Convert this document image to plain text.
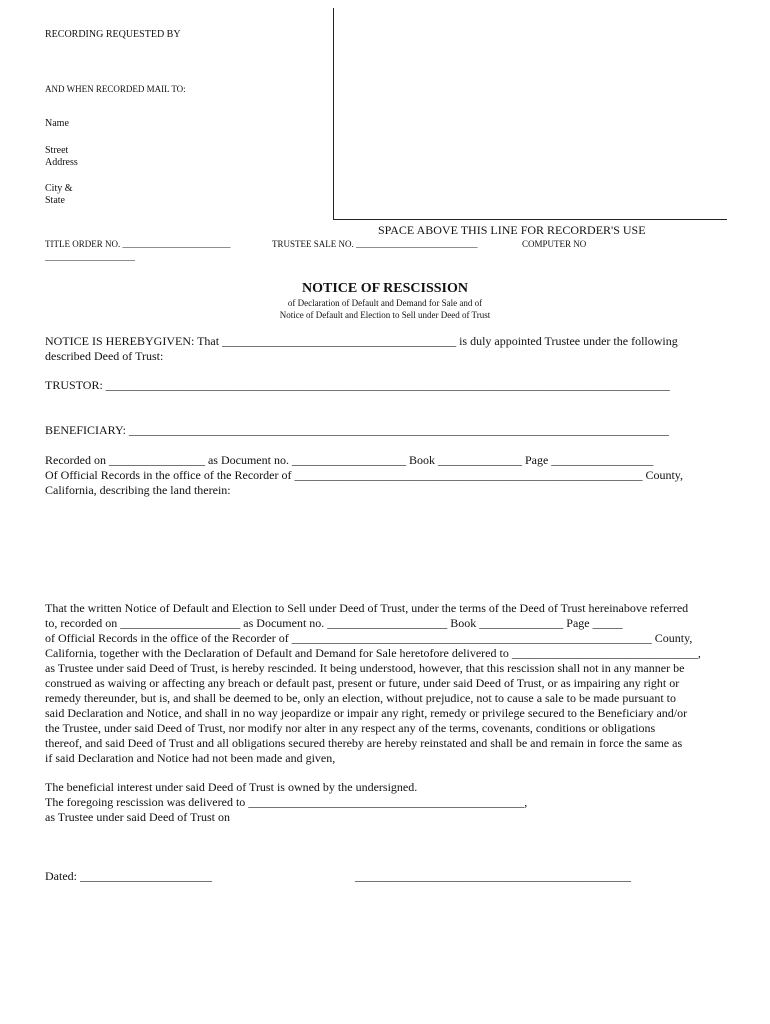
RECORDING REQUESTED BY
AND WHEN RECORDED MAIL TO:
Name
Street
Address
City &
State
SPACE ABOVE THIS LINE FOR RECORDER'S USE
TITLE ORDER NO. ________________________	TRUSTEE SALE NO. ___________________________	COMPUTER NO
____________________
NOTICE OF RESCISSION
of Declaration of Default and Demand for Sale and of
Notice of Default and Election to Sell under Deed of Trust
NOTICE IS HEREBYGIVEN: That _______________________________________ is duly appointed Trustee under the following
described Deed of Trust:
TRUSTOR: ______________________________________________________________________________________________
BENEFICIARY: __________________________________________________________________________________________
Recorded on ________________ as Document no. ___________________ Book ______________ Page _________________
Of Official Records in the office of the Recorder of __________________________________________________________ County,
California, describing the land therein:
That the written Notice of Default and Election to Sell under Deed of Trust, under the terms of the Deed of Trust hereinabove referred
to, recorded on ____________________ as Document no. ____________________ Book ______________ Page _____
of Official Records in the office of the Recorder of ____________________________________________________________ County,
California, together with the Declaration of Default and Demand for Sale heretofore delivered to _______________________________,
as Trustee under said Deed of Trust, is hereby rescinded. It being understood, however, that this rescission shall not in any manner be
construed as waiving or affecting any breach or default past, present or future, under said Deed of Trust, or as impairing any right or
remedy thereunder, but is, and shall be deemed to be, only an election, without prejudice, not to cause a sale to be made pursuant to
said Declaration and Notice, and shall in no way jeopardize or impair any right, remedy or privilege secured to the Beneficiary and/or
the Trustee, under said Deed of Trust, nor modify nor alter in any respect any of the terms, covenants, conditions or obligations
thereof, and said Deed of Trust and all obligations secured thereby are hereby reinstated and shall be and remain in force the same as
if said Declaration and Notice had not been made and given,
The beneficial interest under said Deed of Trust is owned by the undersigned.
The foregoing rescission was delivered to ______________________________________________,
as Trustee under said Deed of Trust on
Dated: ______________________	______________________________________________
